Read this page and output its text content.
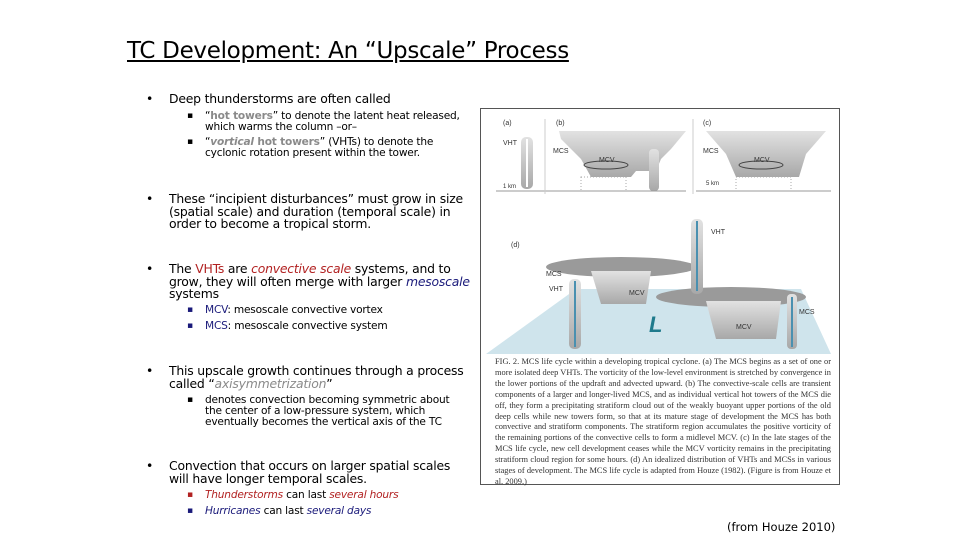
TC Development: An “Upscale” Process
• Deep thunderstorms are often called
▪ “hot towers” to denote the latent heat released, which warms the column –or–
▪ “vortical hot towers” (VHTs) to denote the cyclonic rotation present within the tower.
• These “incipient disturbances” must grow in size (spatial scale) and duration (temporal scale) in order to become a tropical storm.
• The VHTs are convective scale systems, and to grow, they will often merge with larger mesoscale systems
▪ MCV: mesoscale convective vortex
▪ MCS: mesoscale convective system
• This upscale growth continues through a process called “axisymmetrization”
▪ denotes convection becoming symmetric about the center of a low-pressure system, which eventually becomes the vertical axis of the TC
• Convection that occurs on larger spatial scales will have longer temporal scales.
▪ Thunderstorms can last several hours
▪ Hurricanes can last several days
(a)
VHT
1 km
(b)
MCS
MCV
(c)
MCS
MCV
5 km
(d)
MCV
MCS
MCV
MCS
VHT
VHT
L
FIG. 2. MCS life cycle within a developing tropical cyclone. (a) The MCS begins as a set of one or more isolated deep VHTs. The vorticity of the low-level environment is stretched by convergence in the lower portions of the updraft and advected upward. (b) The convective-scale cells are transient components of a larger and longer-lived MCS, and as individual vertical hot towers of the MCS die off, they form a precipitating stratiform cloud out of the weakly buoyant upper portions of the old deep cells while new towers form, so that at its mature stage of development the MCS has both convective and stratiform components. The stratiform region accumulates the positive vorticity of the remaining portions of the convective cells to form a midlevel MCV. (c) In the late stages of the MCS life cycle, new cell development ceases while the MCV vorticity remains in the precipitating stratiform cloud region for some hours. (d) An idealized distribution of VHTs and MCSs in various stages of development. The MCS life cycle is adapted from Houze (1982). (Figure is from Houze et al. 2009.)
(from Houze 2010)
